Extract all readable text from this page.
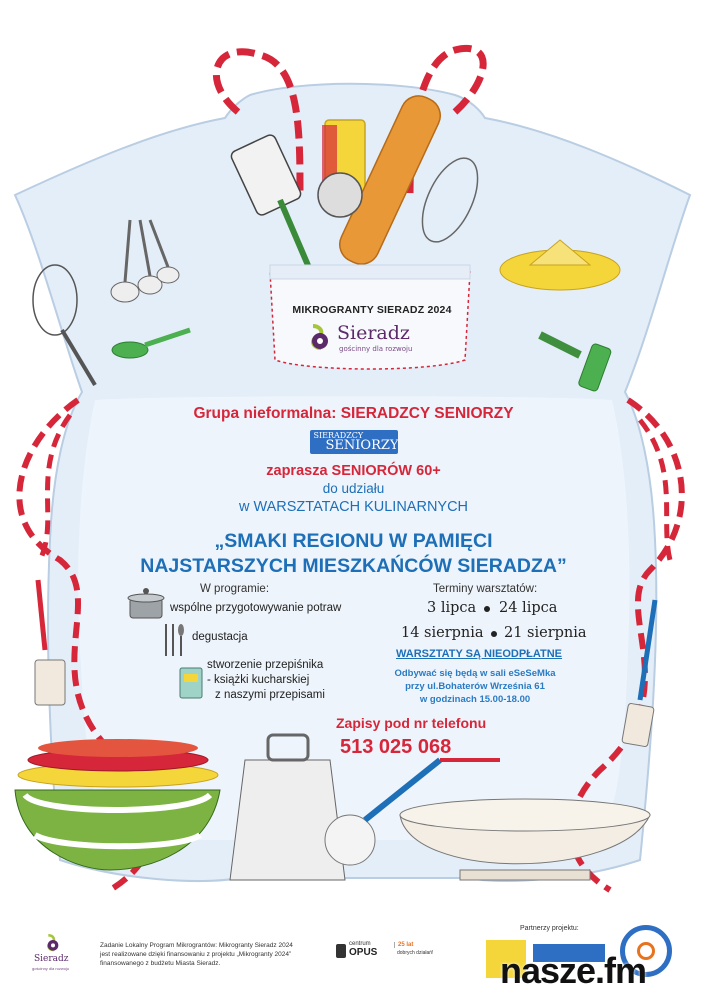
MIKROGRANTY SIERADZ 2024
Sieradz
gościnny dla rozwoju
Grupa nieformalna: SIERADZCY SENIORZY
SIERADZCY
SENIORZY
zaprasza SENIORÓW 60+
do udziału
w WARSZTATACH KULINARNYCH
„SMAKI REGIONU W PAMIĘCI
NAJSTARSZYCH MIESZKAŃCÓW SIERADZA”
W programie:
wspólne przygotowywanie potraw
degustacja
stworzenie przepiśnika
- książki kucharskiej
z naszymi przepisami
Terminy warsztatów:
3 lipca 24 lipca
14 sierpnia 21 sierpnia
WARSZTATY SĄ NIEODPŁATNE
Odbywać się będą w sali eSeSeMka
przy ul.Bohaterów Września 61
w godzinach 15.00-18.00
Zapisy pod nr telefonu
513 025 068
Sieradz
gościnny dla rozwoju
Zadanie Lokalny Program Mikrograntów: Mikrogranty Sieradz 2024
jest realizowane dzięki finansowaniu z projektu „Mikrogranty 2024”
finansowanego z budżetu Miasta Sieradz.
centrum
OPUS
25 lat
dobrych działań!
Partnerzy projektu:
nasze.fm
